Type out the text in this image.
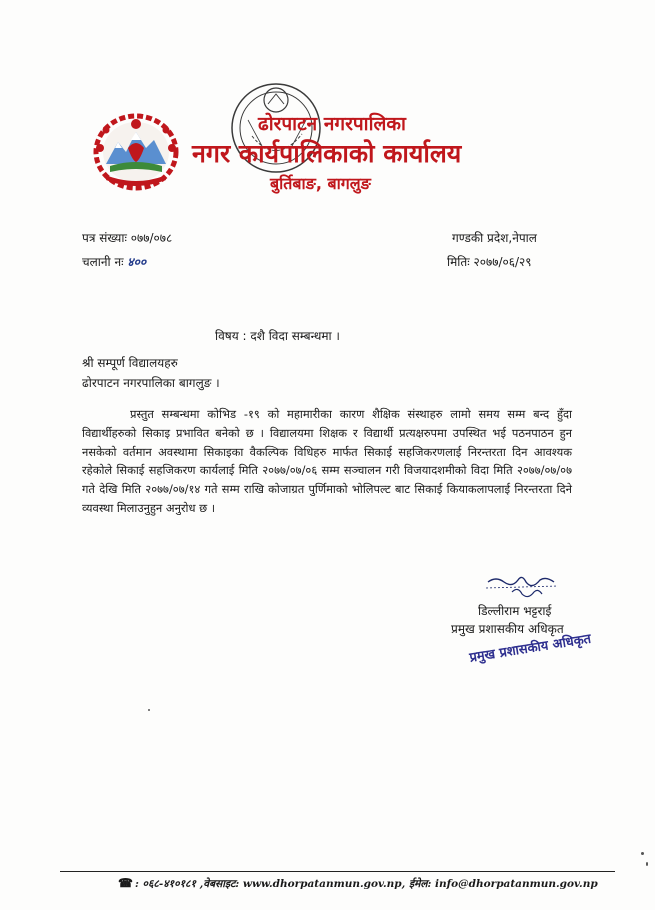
ढोरपाटन नगरपालिका
नगर कार्यपालिकाको कार्यालय
बुर्तिबाङ, बागलुङ
पत्र संख्याः ०७७/०७८
चलानी नः ४००
गण्डकी प्रदेश,नेपाल
मितिः २०७७/०६/२९
विषय : दशै विदा सम्बन्धमा ।
श्री सम्पूर्ण विद्यालयहरु
ढोरपाटन नगरपालिका बागलुङ ।
प्रस्तुत सम्बन्धमा कोभिड -१९ को महामारीका कारण शैक्षिक संस्थाहरु लामो समय सम्म बन्द हुँदा विद्यार्थीहरुको सिकाइ प्रभावित बनेको छ । विद्यालयमा शिक्षक र विद्यार्थी प्रत्यक्षरुपमा उपस्थित भई पठनपाठन हुन नसकेको वर्तमान अवस्थामा सिकाइका वैकल्पिक विधिहरु मार्फत सिकाई सहजिकरणलाई निरन्तरता दिन आवश्यक रहेकोले सिकाई सहजिकरण कार्यलाई मिति २०७७/०७/०६ सम्म सञ्चालन गरी विजयादशमीको विदा मिति २०७७/०७/०७ गते देखि मिति २०७७/०७/१४ गते सम्म राखि कोजाग्रत पुर्णिमाको भोलिपल्ट बाट सिकाई कियाकलापलाई निरन्तरता दिने व्यवस्था मिलाउनुहुन अनुरोध छ ।
डिल्लीराम भट्टराई
प्रमुख प्रशासकीय अधिकृत
प्रमुख प्रशासकीय अधिकृत
☎ : ०६८-४१०१८१ ,वेबसाइट: www.dhorpatanmun.gov.np, ईमेल: info@dhorpatanmun.gov.np
